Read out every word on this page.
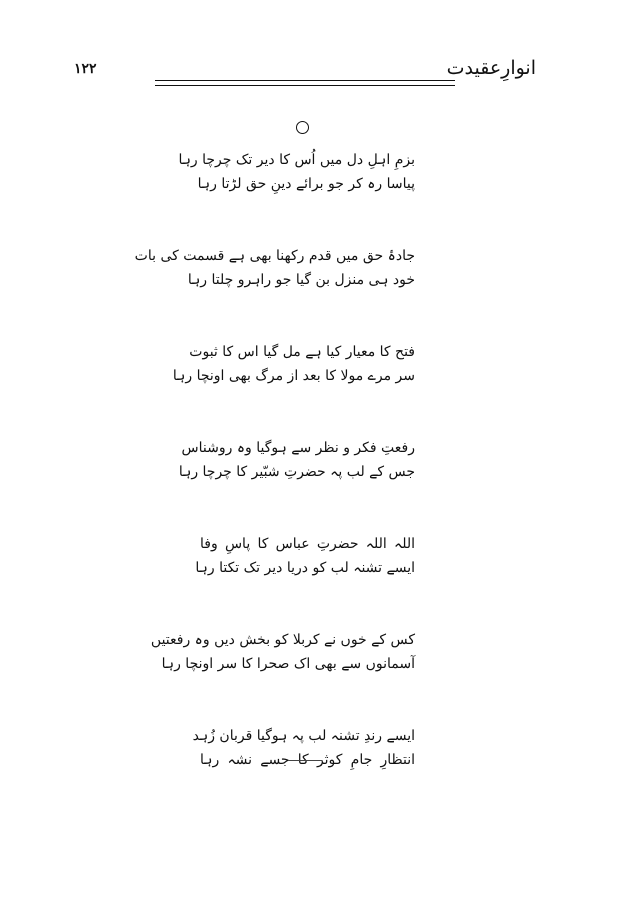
انوارِعقیدت
۱۲۲
بزمِ اہلِ دل میں اُس کا دیر تک چرچا رہا
پیاسا رہ کر جو برائے دینِ حق لڑتا رہا
جادۂ حق میں قدم رکھنا بھی ہے قسمت کی بات
خود ہی منزل بن گیا جو راہرو چلتا رہا
فتح کا معیار کیا ہے مل گیا اس کا ثبوت
سر مرے مولا کا بعد از مرگ بھی اونچا رہا
رفعتِ فکر و نظر سے ہوگیا وہ روشناس
جس کے لب پہ حضرتِ شبّیر کا چرچا رہا
اللہ اللہ حضرتِ عباس کا پاسِ وفا
ایسے تشنہ لب کو دریا دیر تک تکتا رہا
کس کے خوں نے کربلا کو بخش دیں وہ رفعتیں
آسمانوں سے بھی اک صحرا کا سر اونچا رہا
ایسے رندِ تشنہ لب پہ ہوگیا قربان زُہد
انتظارِ جامِ کوثر کا جسے نشہ رہا
